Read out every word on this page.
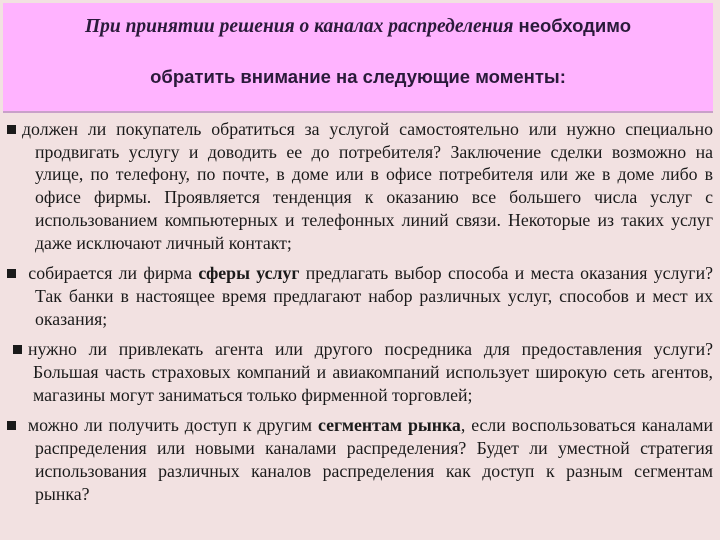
При принятии решения о каналах распределения необходимо
обратить внимание на следующие моменты:
должен ли покупатель обратиться за услугой самостоятельно или нужно специально продвигать услугу и доводить ее до потребителя? Заключение сделки возможно на улице, по телефону, по почте, в доме или в офисе потребителя или же в доме либо в офисе фирмы. Проявляется тенденция к оказанию все большего числа услуг с использованием компьютерных и телефонных линий связи. Некоторые из таких услуг даже исключают личный контакт;
собирается ли фирма сферы услуг предлагать выбор способа и места оказания услуги? Так банки в настоящее время предлагают набор различных услуг, способов и мест их оказания;
нужно ли привлекать агента или другого посредника для предоставления услуги? Большая часть страховых компаний и авиакомпаний использует широкую сеть агентов, магазины могут заниматься только фирменной торговлей;
можно ли получить доступ к другим сегментам рынка, если воспользоваться каналами распределения или новыми каналами распределения? Будет ли уместной стратегия использования различных каналов распределения как доступ к разным сегментам рынка?
